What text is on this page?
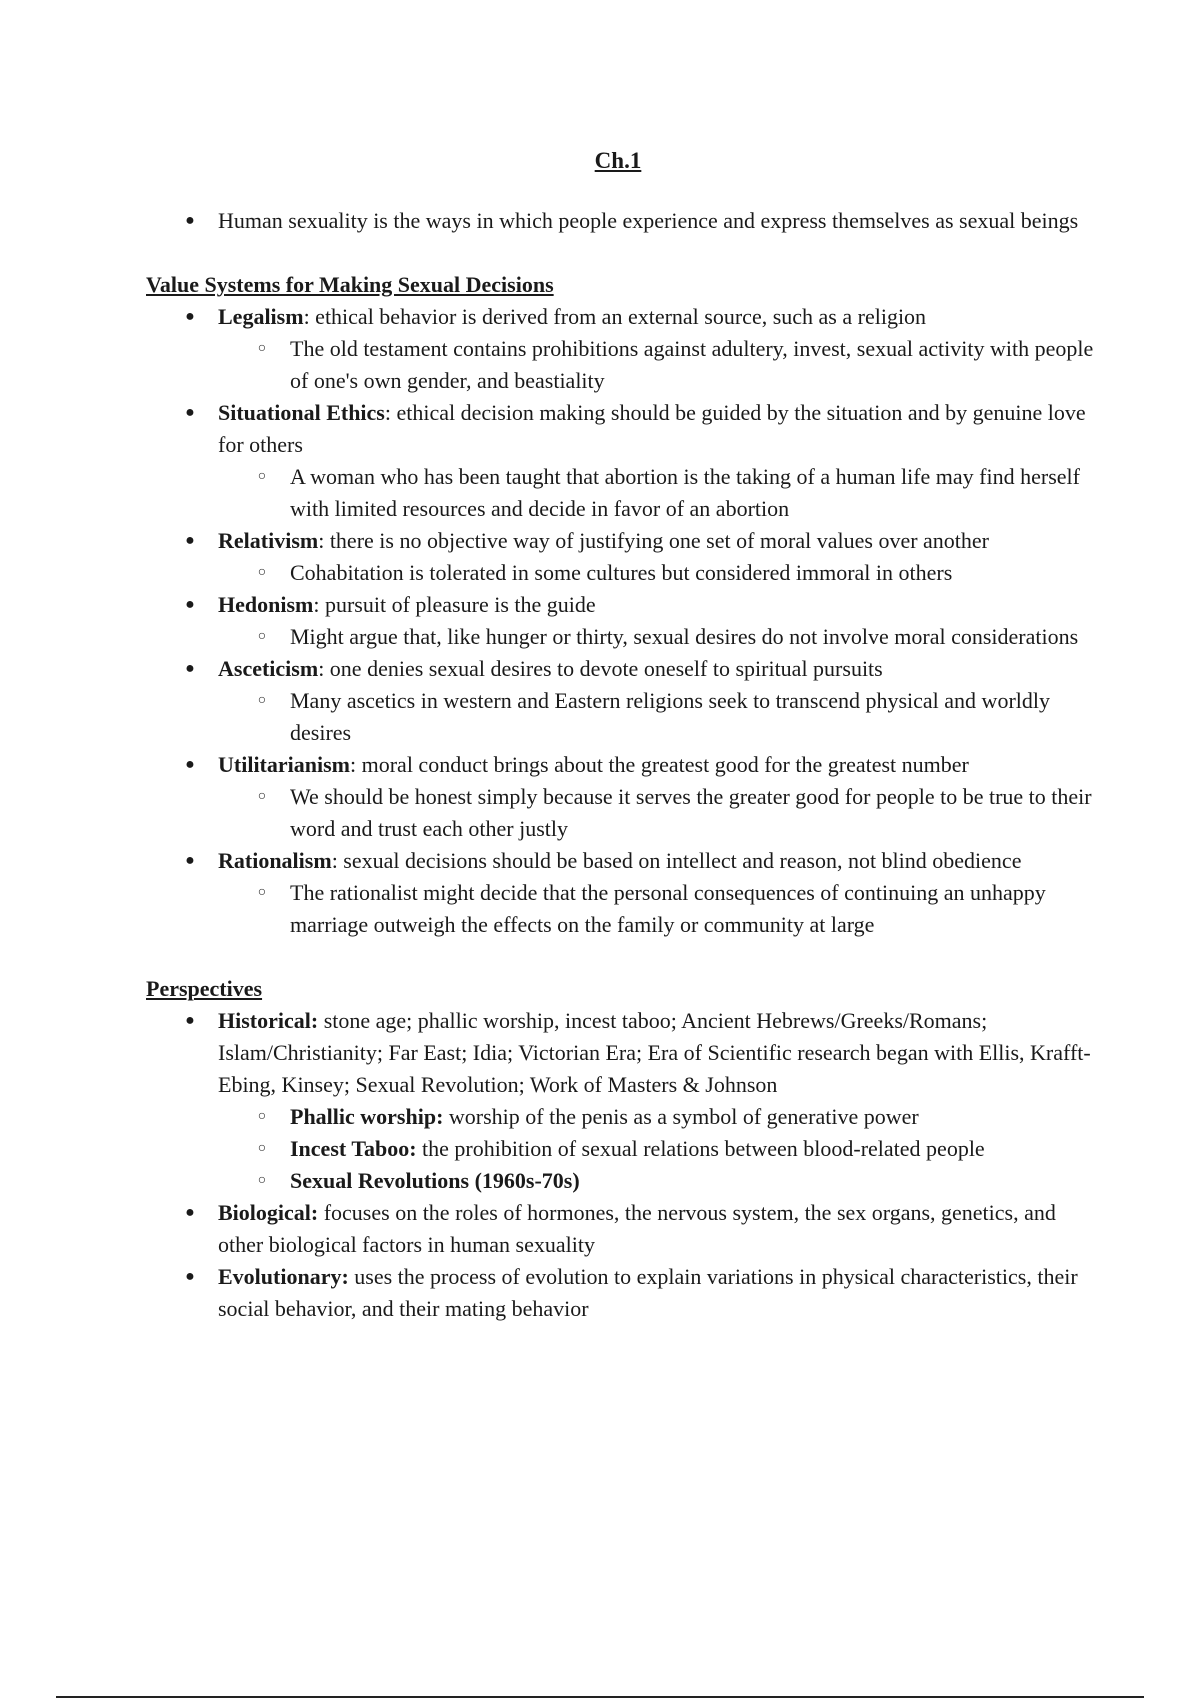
Ch.1
● Human sexuality is the ways in which people experience and express themselves as sexual beings

Value Systems for Making Sexual Decisions

● Legalism: ethical behavior is derived from an external source, such as a religion
○ The old testament contains prohibitions against adultery, invest, sexual activity with people of one's own gender, and beastiality
● Situational Ethics: ethical decision making should be guided by the situation and by genuine love for others
○ A woman who has been taught that abortion is the taking of a human life may find herself with limited resources and decide in favor of an abortion
● Relativism: there is no objective way of justifying one set of moral values over another
○ Cohabitation is tolerated in some cultures but considered immoral in others
● Hedonism: pursuit of pleasure is the guide
○ Might argue that, like hunger or thirty, sexual desires do not involve moral considerations
● Asceticism: one denies sexual desires to devote oneself to spiritual pursuits
○ Many ascetics in western and Eastern religions seek to transcend physical and worldly desires
● Utilitarianism: moral conduct brings about the greatest good for the greatest number
○ We should be honest simply because it serves the greater good for people to be true to their word and trust each other justly
● Rationalism: sexual decisions should be based on intellect and reason, not blind obedience
○ The rationalist might decide that the personal consequences of continuing an unhappy marriage outweigh the effects on the family or community at large

Perspectives

● Historical: stone age; phallic worship, incest taboo; Ancient Hebrews/Greeks/Romans; Islam/Christianity; Far East; Idia; Victorian Era; Era of Scientific research began with Ellis, Krafft-Ebing, Kinsey; Sexual Revolution; Work of Masters & Johnson
○ Phallic worship: worship of the penis as a symbol of generative power
○ Incest Taboo: the prohibition of sexual relations between blood-related people
○ Sexual Revolutions (1960s-70s)
● Biological: focuses on the roles of hormones, the nervous system, the sex organs, genetics, and other biological factors in human sexuality
● Evolutionary: uses the process of evolution to explain variations in physical characteristics, their social behavior, and their mating behavior
